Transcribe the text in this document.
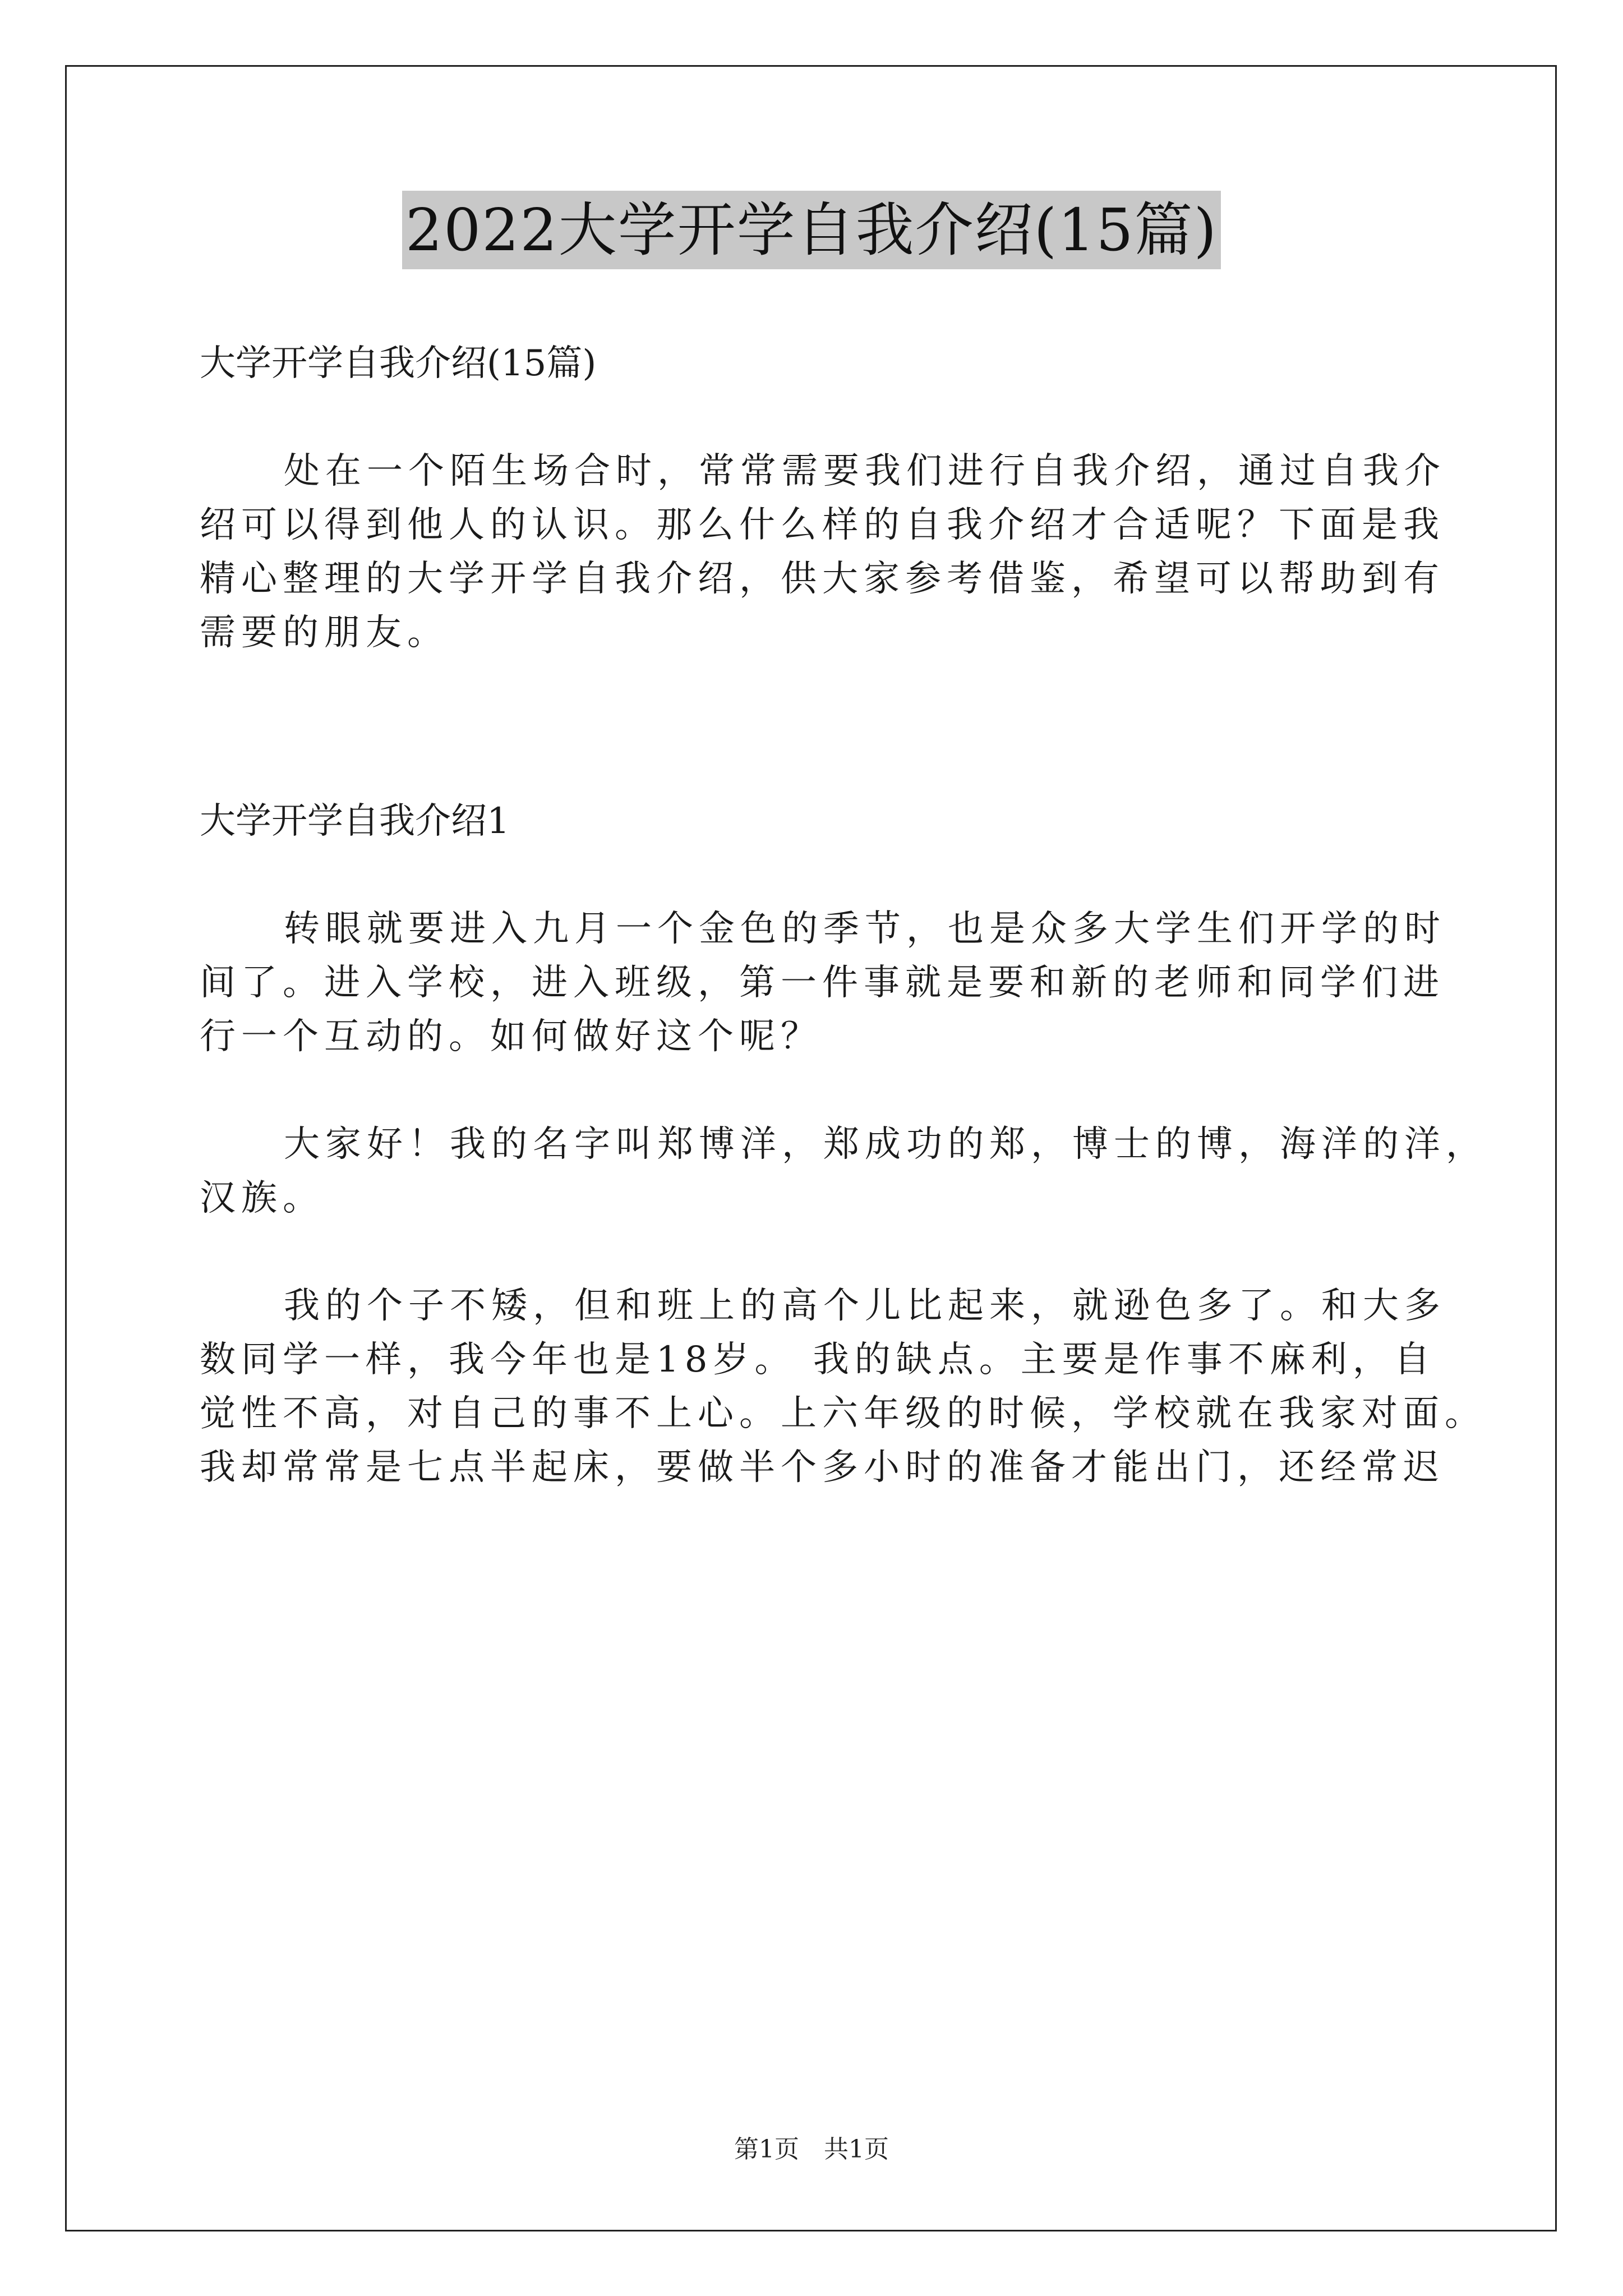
2022大学开学自我介绍(15篇)

大学开学自我介绍(15篇)

处在一个陌生场合时，常常需要我们进行自我介绍，通过自我介
绍可以得到他人的认识。那么什么样的自我介绍才合适呢？下面是我
精心整理的大学开学自我介绍，供大家参考借鉴，希望可以帮助到有
需要的朋友。

大学开学自我介绍1

转眼就要进入九月一个金色的季节，也是众多大学生们开学的时
间了。进入学校，进入班级，第一件事就是要和新的老师和同学们进
行一个互动的。如何做好这个呢？
大家好！我的名字叫郑博洋，郑成功的郑，博士的博，海洋的洋，
汉族。
我的个子不矮，但和班上的高个儿比起来，就逊色多了。和大多
数同学一样，我今年也是18岁。 我的缺点。主要是作事不麻利，自
觉性不高，对自己的事不上心。上六年级的时候，学校就在我家对面。
我却常常是七点半起床，要做半个多小时的准备才能出门，还经常迟
第1页 共1页
